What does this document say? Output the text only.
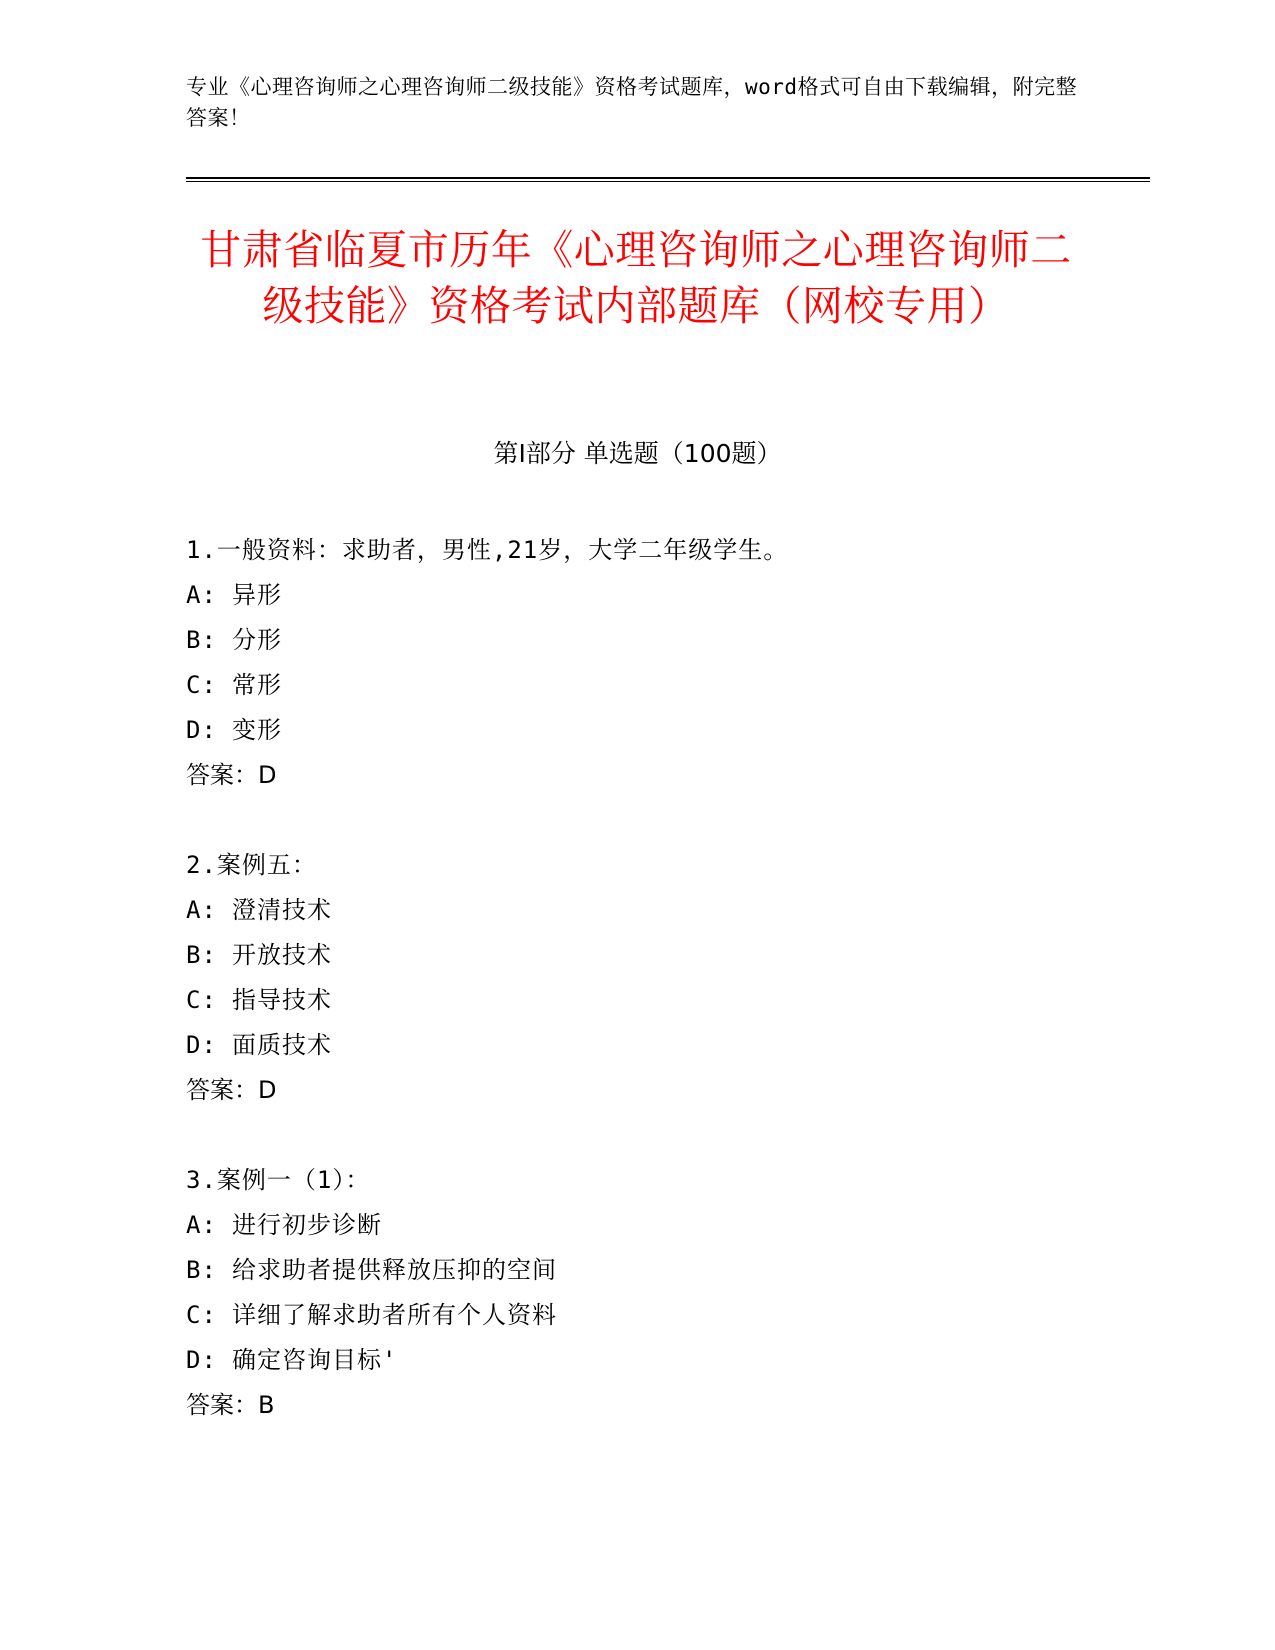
专业《心理咨询师之心理咨询师二级技能》资格考试题库，word格式可自由下载编辑，附完整答案！
甘肃省临夏市历年《心理咨询师之心理咨询师二级技能》资格考试内部题库（网校专用）
第Ⅰ部分 单选题（100题）
1.一般资料：求助者，男性,21岁，大学二年级学生。
A: 异形
B: 分形
C: 常形
D: 变形
答案：D
2.案例五：
A: 澄清技术
B: 开放技术
C: 指导技术
D: 面质技术
答案：D
3.案例一（1）：
A: 进行初步诊断
B: 给求助者提供释放压抑的空间
C: 详细了解求助者所有个人资料
D: 确定咨询目标'
答案：B
